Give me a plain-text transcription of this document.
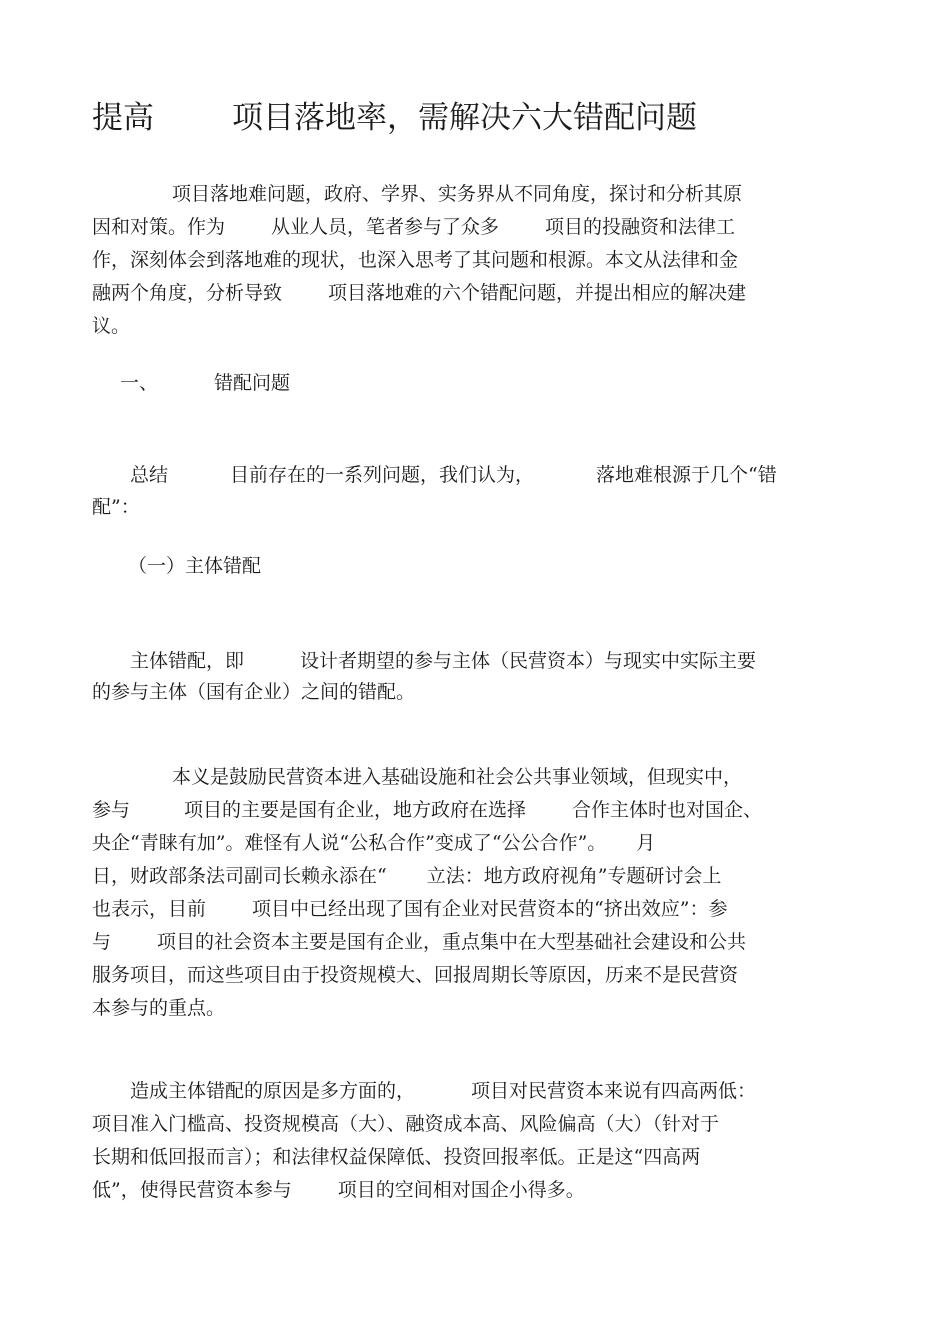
提高	项目落地率，需解决六大错配问题
项目落地难问题，政府、学界、实务界从不同角度，探讨和分析其原
因和对策。作为 从业人员，笔者参与了众多 项目的投融资和法律工
作，深刻体会到落地难的现状，也深入思考了其问题和根源。本文从法律和金
融两个角度，分析导致 项目落地难的六个错配问题，并提出相应的解决建
议。
一、	错配问题
总结	目前存在的一系列问题，我们认为，	落地难根源于几个“错
配”：
（一）主体错配
主体错配，即	设计者期望的参与主体（民营资本）与现实中实际主要
的参与主体（国有企业）之间的错配。
本义是鼓励民营资本进入基础设施和社会公共事业领域，但现实中，
参与	项目的主要是国有企业，地方政府在选择 合作主体时也对国企、
央企“青睐有加”。难怪有人说“公私合作”变成了“公公合作”。 月
日，财政部条法司副司长赖永添在“ 立法：地方政府视角”专题研讨会上
也表示，目前 项目中已经出现了国有企业对民营资本的“挤出效应”：参
与 项目的社会资本主要是国有企业，重点集中在大型基础社会建设和公共
服务项目，而这些项目由于投资规模大、回报周期长等原因，历来不是民营资
本参与的重点。
造成主体错配的原因是多方面的，	项目对民营资本来说有四高两低：
项目准入门槛高、投资规模高（大）、融资成本高、风险偏高（大）（针对于
长期和低回报而言）；和法律权益保障低、投资回报率低。正是这“四高两
低”，使得民营资本参与 项目的空间相对国企小得多。
